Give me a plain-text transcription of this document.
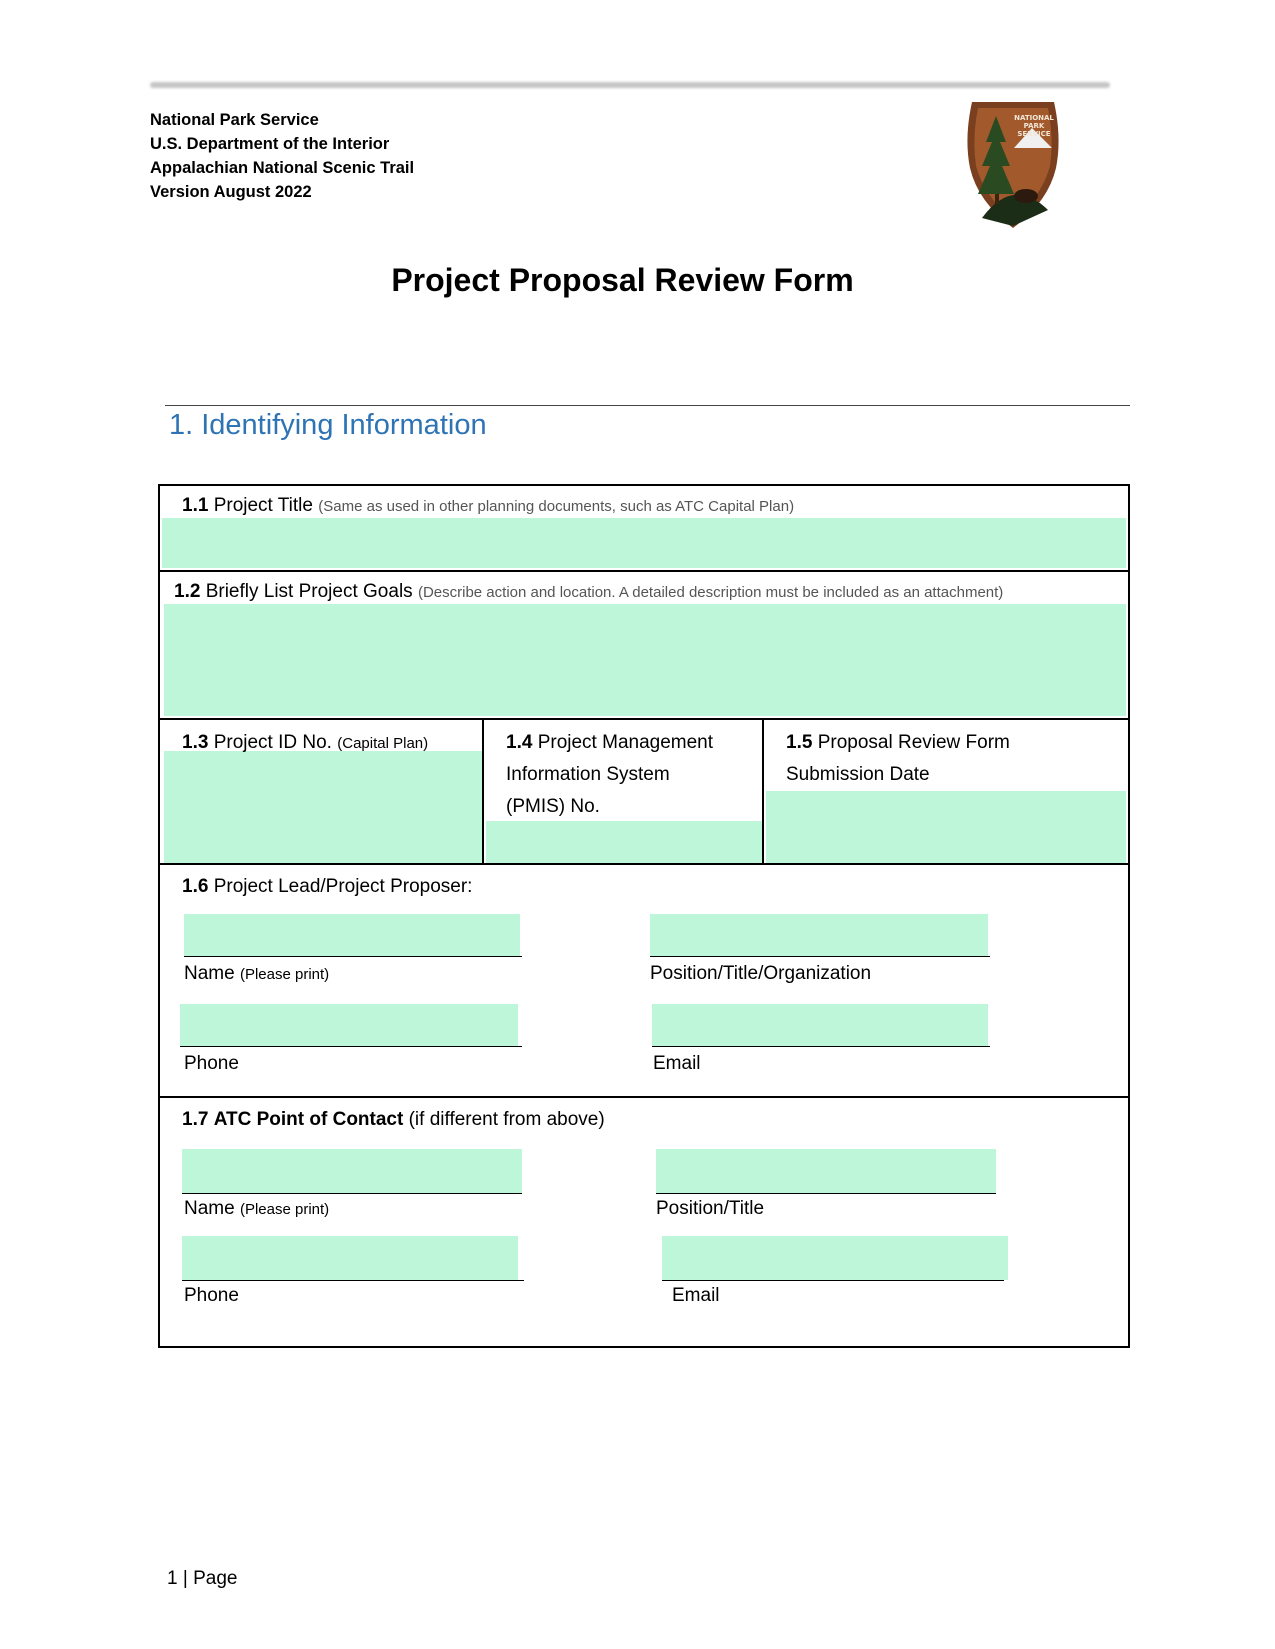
National Park Service
U.S. Department of the Interior
Appalachian National Scenic Trail
Version August 2022
NATIONAL
PARK
SERVICE
Project Proposal Review Form
1. Identifying Information
1.1 Project Title (Same as used in other planning documents, such as ATC Capital Plan)
1.2 Briefly List Project Goals (Describe action and location. A detailed description must be included as an attachment)
1.3 Project ID No. (Capital Plan)	1.4 Project Management
Information System
(PMIS) No.
1.5 Proposal Review Form
Submission Date
1.6 Project Lead/Project Proposer:
Name (Please print)	Position/Title/Organization
Phone	Email
1.7 ATC Point of Contact (if different from above)
Name (Please print)	Position/Title
Phone	Email
1 | Page
